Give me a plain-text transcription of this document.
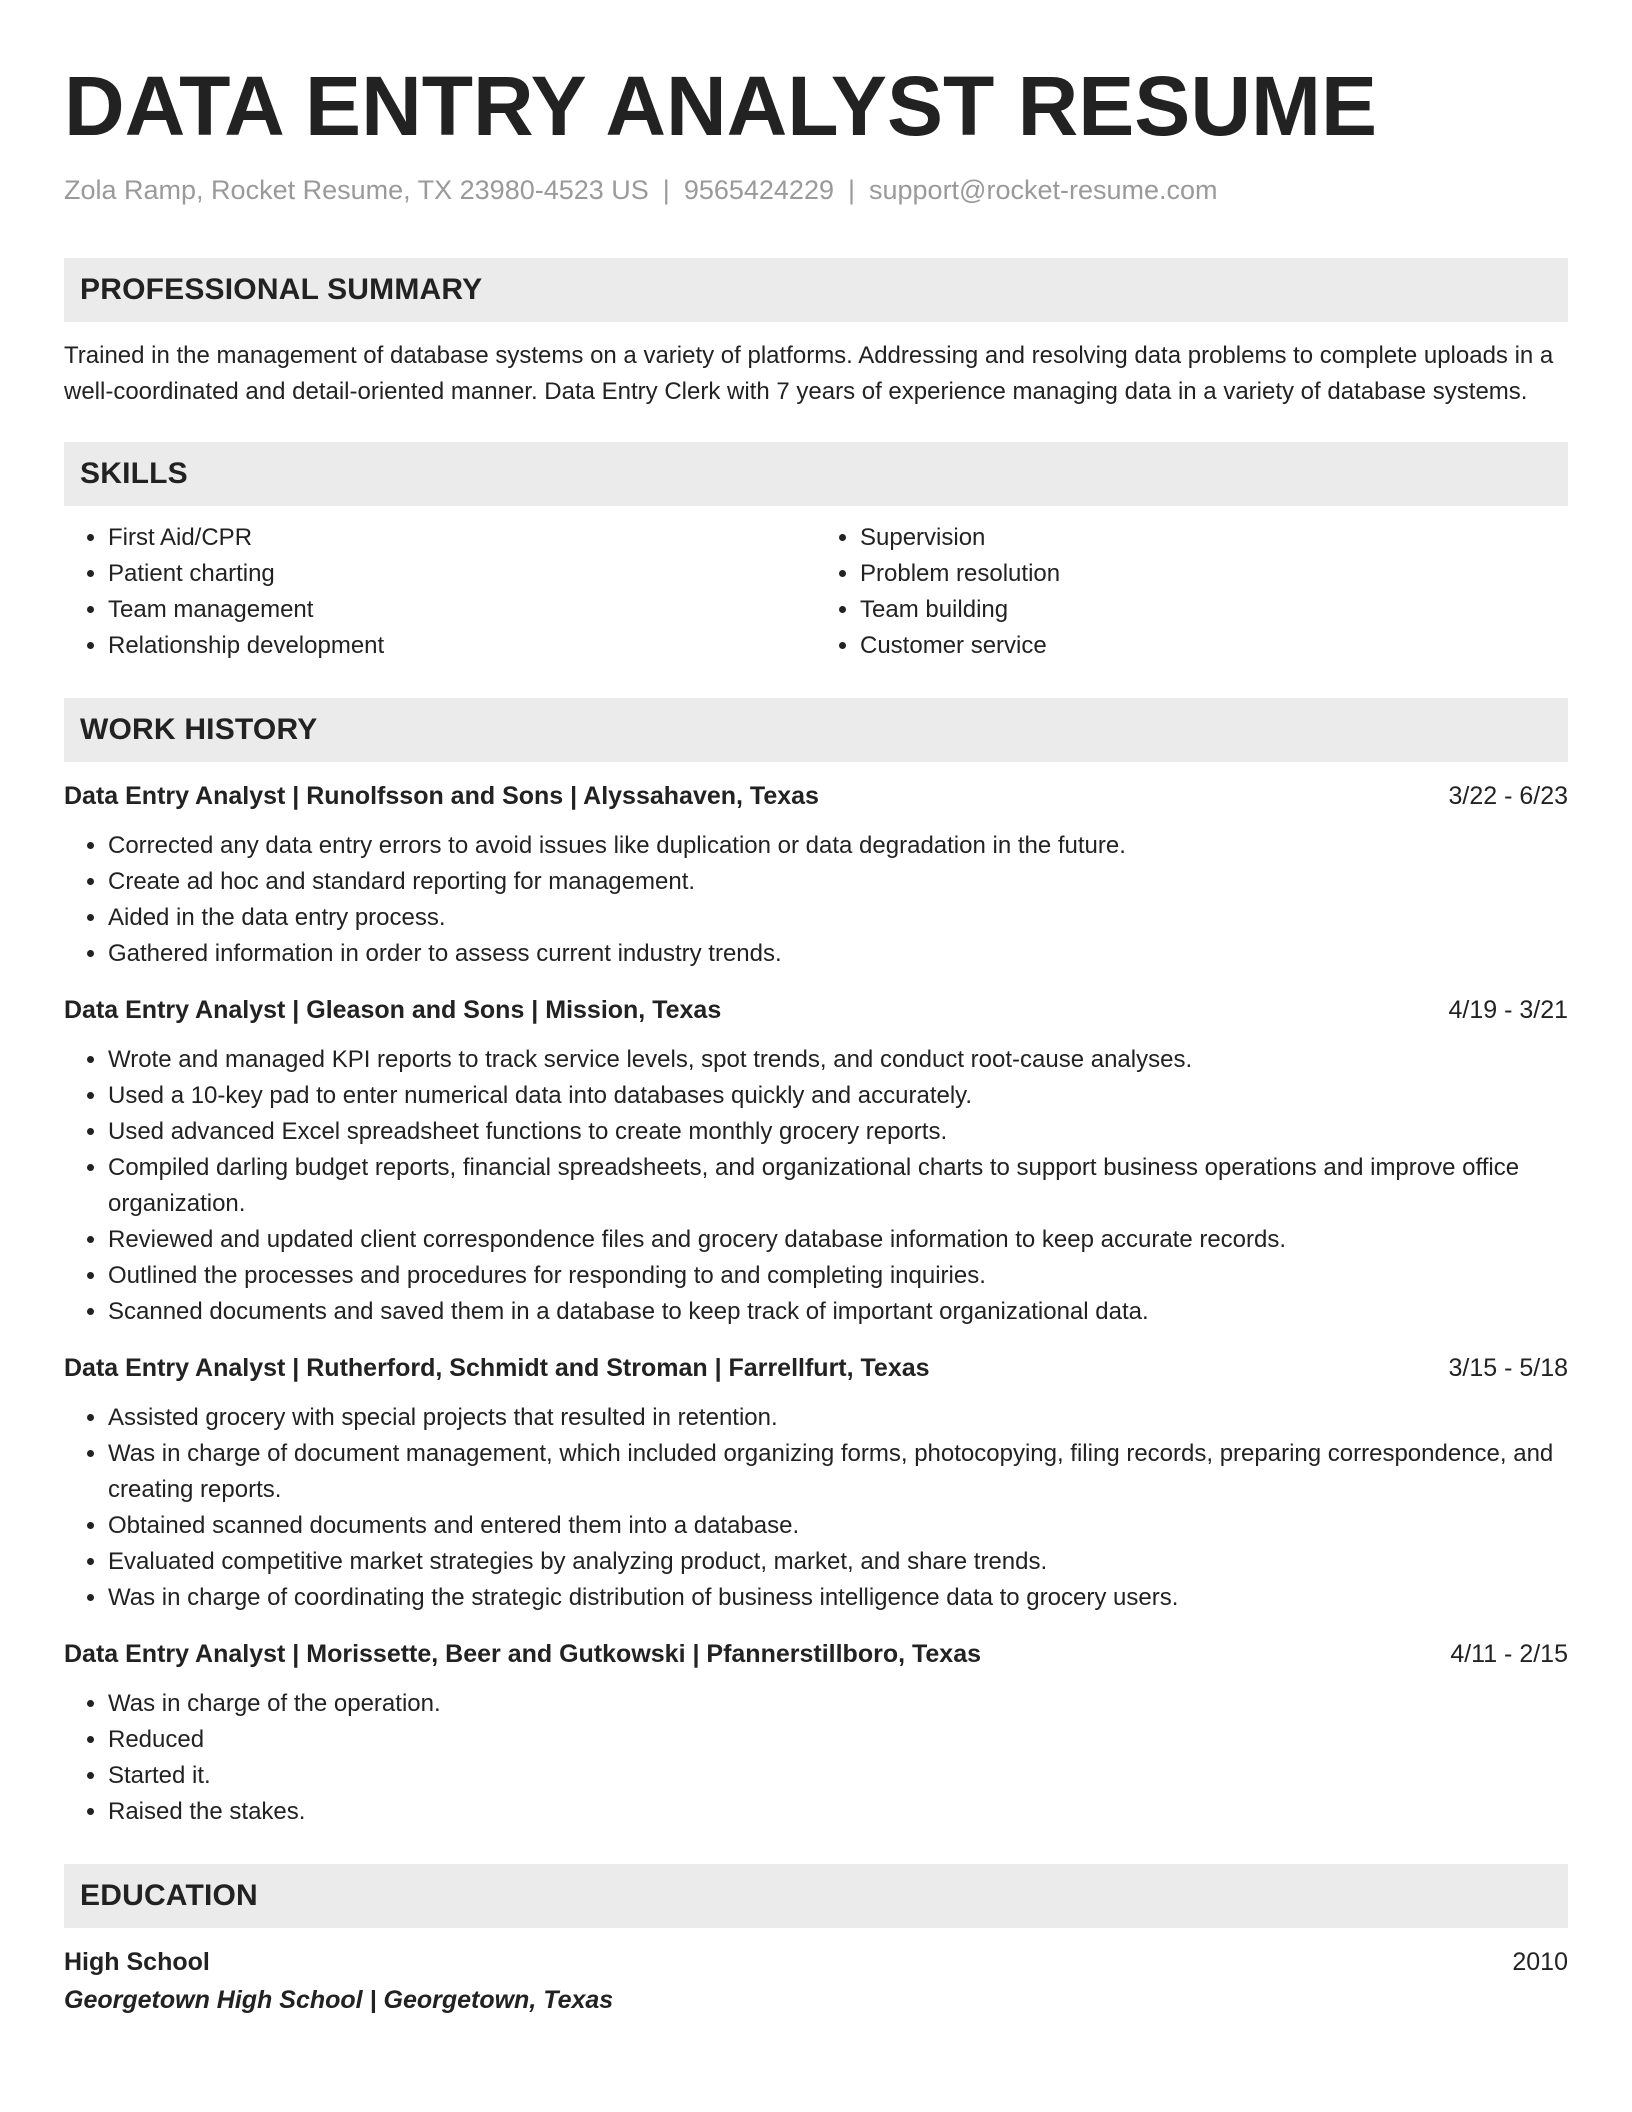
DATA ENTRY ANALYST RESUME
Zola Ramp, Rocket Resume, TX 23980-4523 US | 9565424229 | support@rocket-resume.com
PROFESSIONAL SUMMARY
Trained in the management of database systems on a variety of platforms. Addressing and resolving data problems to complete uploads in a well-coordinated and detail-oriented manner. Data Entry Clerk with 7 years of experience managing data in a variety of database systems.
SKILLS
• First Aid/CPR
• Patient charting
• Team management
• Relationship development
• Supervision
• Problem resolution
• Team building
• Customer service
WORK HISTORY
Data Entry Analyst | Runolfsson and Sons | Alyssahaven, Texas	3/22 - 6/23
• Corrected any data entry errors to avoid issues like duplication or data degradation in the future.
• Create ad hoc and standard reporting for management.
• Aided in the data entry process.
• Gathered information in order to assess current industry trends.
Data Entry Analyst | Gleason and Sons | Mission, Texas	4/19 - 3/21
• Wrote and managed KPI reports to track service levels, spot trends, and conduct root-cause analyses.
• Used a 10-key pad to enter numerical data into databases quickly and accurately.
• Used advanced Excel spreadsheet functions to create monthly grocery reports.
• Compiled darling budget reports, financial spreadsheets, and organizational charts to support business operations and improve office organization.
• Reviewed and updated client correspondence files and grocery database information to keep accurate records.
• Outlined the processes and procedures for responding to and completing inquiries.
• Scanned documents and saved them in a database to keep track of important organizational data.
Data Entry Analyst | Rutherford, Schmidt and Stroman | Farrellfurt, Texas	3/15 - 5/18
• Assisted grocery with special projects that resulted in retention.
• Was in charge of document management, which included organizing forms, photocopying, filing records, preparing correspondence, and creating reports.
• Obtained scanned documents and entered them into a database.
• Evaluated competitive market strategies by analyzing product, market, and share trends.
• Was in charge of coordinating the strategic distribution of business intelligence data to grocery users.
Data Entry Analyst | Morissette, Beer and Gutkowski | Pfannerstillboro, Texas	4/11 - 2/15
• Was in charge of the operation.
• Reduced
• Started it.
• Raised the stakes.
EDUCATION
High School	2010
Georgetown High School | Georgetown, Texas
